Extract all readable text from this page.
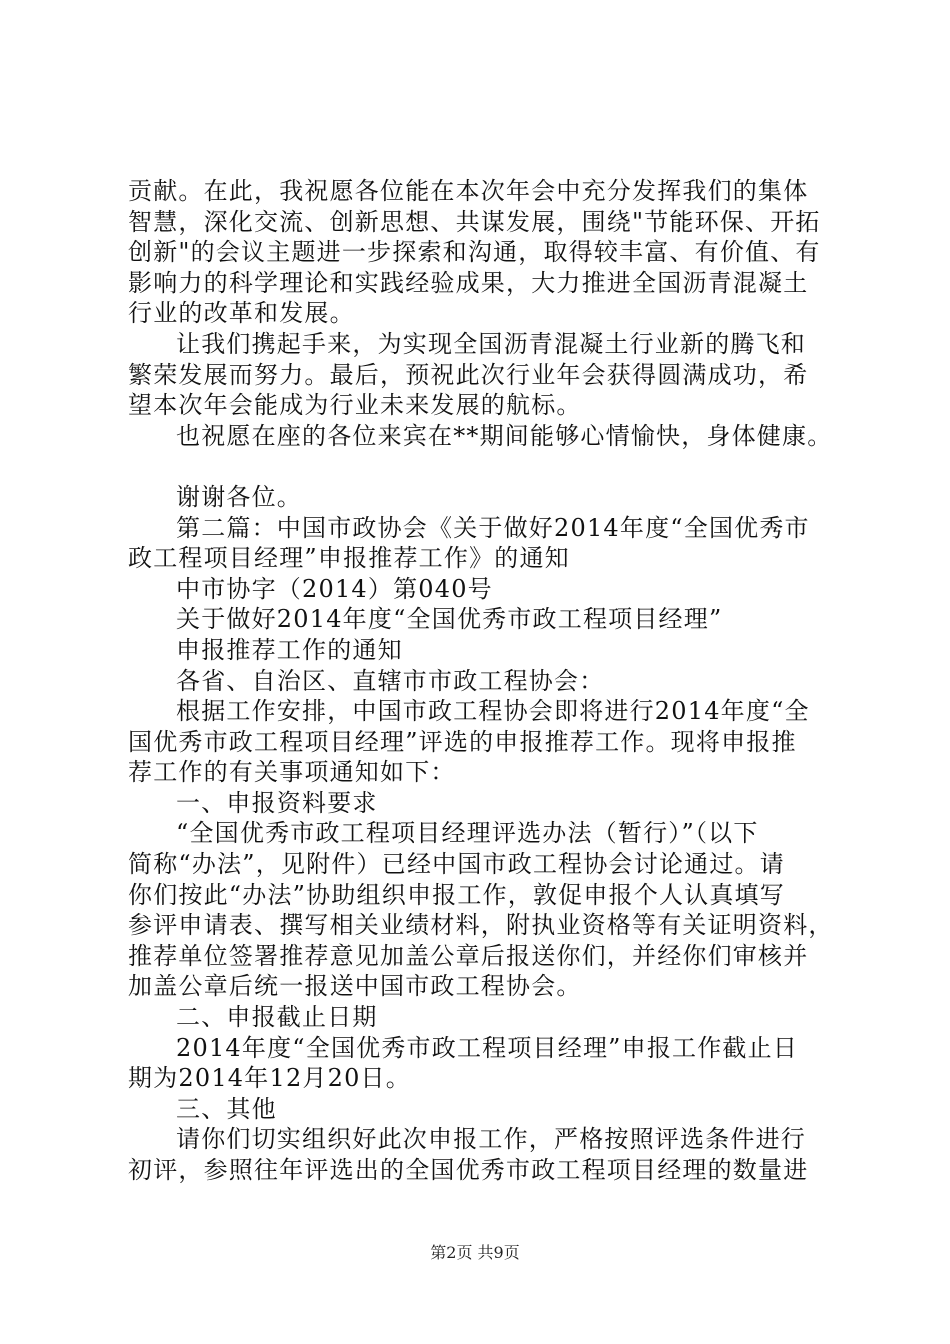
贡献。在此，我祝愿各位能在本次年会中充分发挥我们的集体
智慧，深化交流、创新思想、共谋发展，围绕"节能环保、开拓
创新"的会议主题进一步探索和沟通，取得较丰富、有价值、有
影响力的科学理论和实践经验成果，大力推进全国沥青混凝土
行业的改革和发展。
让我们携起手来，为实现全国沥青混凝土行业新的腾飞和
繁荣发展而努力。最后，预祝此次行业年会获得圆满成功，希
望本次年会能成为行业未来发展的航标。
也祝愿在座的各位来宾在**期间能够心情愉快，身体健康。
谢谢各位。
第二篇：中国市政协会《关于做好2014年度“全国优秀市
政工程项目经理”申报推荐工作》的通知
中市协字（2014）第040号
关于做好2014年度“全国优秀市政工程项目经理”
申报推荐工作的通知
各省、自治区、直辖市市政工程协会：
根据工作安排，中国市政工程协会即将进行2014年度“全
国优秀市政工程项目经理”评选的申报推荐工作。现将申报推
荐工作的有关事项通知如下：
一、申报资料要求
“全国优秀市政工程项目经理评选办法（暂行）”（以下
简称“办法”，见附件）已经中国市政工程协会讨论通过。请
你们按此“办法”协助组织申报工作，敦促申报个人认真填写
参评申请表、撰写相关业绩材料，附执业资格等有关证明资料，
推荐单位签署推荐意见加盖公章后报送你们，并经你们审核并
加盖公章后统一报送中国市政工程协会。
二、申报截止日期
2014年度“全国优秀市政工程项目经理”申报工作截止日
期为2014年12月20日。
三、其他
请你们切实组织好此次申报工作，严格按照评选条件进行
初评，参照往年评选出的全国优秀市政工程项目经理的数量进
第2页 共9页
